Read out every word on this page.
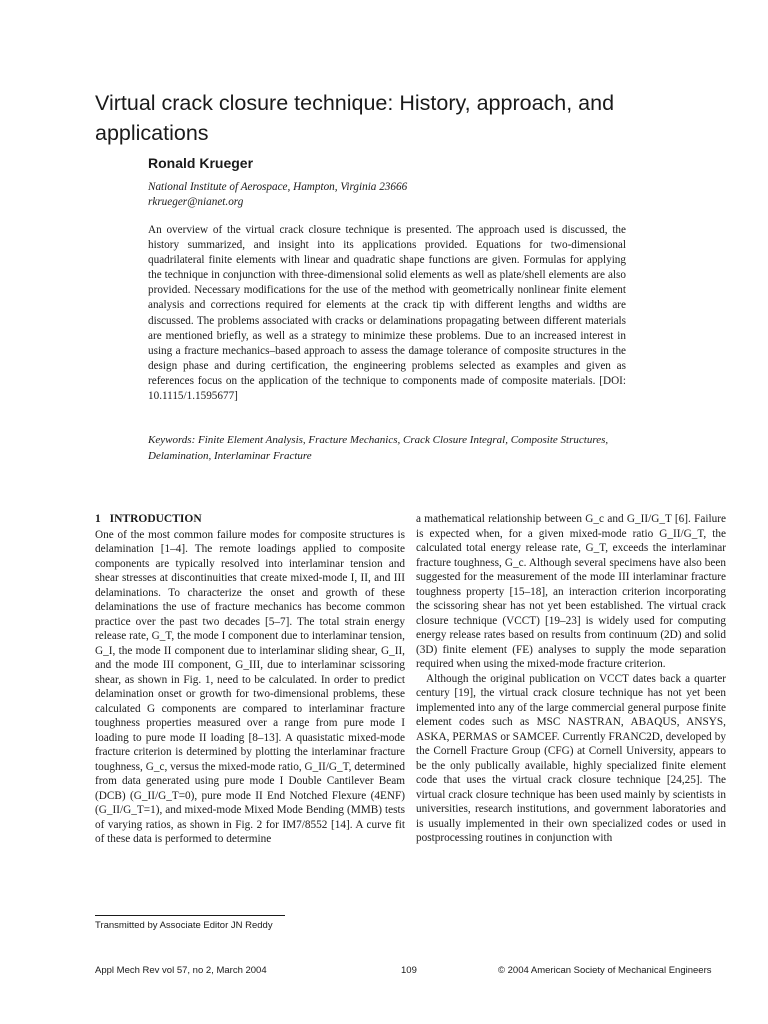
Virtual crack closure technique: History, approach, and applications
Ronald Krueger
National Institute of Aerospace, Hampton, Virginia 23666
rkrueger@nianet.org

An overview of the virtual crack closure technique is presented. The approach used is discussed, the history summarized, and insight into its applications provided. Equations for two-dimensional quadrilateral finite elements with linear and quadratic shape functions are given. Formulas for applying the technique in conjunction with three-dimensional solid elements as well as plate/shell elements are also provided. Necessary modifications for the use of the method with geometrically nonlinear finite element analysis and corrections required for elements at the crack tip with different lengths and widths are discussed. The problems associated with cracks or delaminations propagating between different materials are mentioned briefly, as well as a strategy to minimize these problems. Due to an increased interest in using a fracture mechanics–based approach to assess the damage tolerance of composite structures in the design phase and during certification, the engineering problems selected as examples and given as references focus on the application of the technique to components made of composite materials. [DOI: 10.1115/1.1595677]

Keywords: Finite Element Analysis, Fracture Mechanics, Crack Closure Integral, Composite Structures, Delamination, Interlaminar Fracture
1 INTRODUCTION

One of the most common failure modes for composite structures is delamination [1–4]. The remote loadings applied to composite components are typically resolved into interlaminar tension and shear stresses at discontinuities that create mixed-mode I, II, and III delaminations. To characterize the onset and growth of these delaminations the use of fracture mechanics has become common practice over the past two decades [5–7]. The total strain energy release rate, G_T, the mode I component due to interlaminar tension, G_I, the mode II component due to interlaminar sliding shear, G_II, and the mode III component, G_III, due to interlaminar scissoring shear, as shown in Fig. 1, need to be calculated. In order to predict delamination onset or growth for two-dimensional problems, these calculated G components are compared to interlaminar fracture toughness properties measured over a range from pure mode I loading to pure mode II loading [8–13]. A quasistatic mixed-mode fracture criterion is determined by plotting the interlaminar fracture toughness, G_c, versus the mixed-mode ratio, G_II/G_T, determined from data generated using pure mode I Double Cantilever Beam (DCB) (G_II/G_T=0), pure mode II End Notched Flexure (4ENF) (G_II/G_T=1), and mixed-mode Mixed Mode Bending (MMB) tests of varying ratios, as shown in Fig. 2 for IM7/8552 [14]. A curve fit of these data is performed to determine

a mathematical relationship between G_c and G_II/G_T [6]. Failure is expected when, for a given mixed-mode ratio G_II/G_T, the calculated total energy release rate, G_T, exceeds the interlaminar fracture toughness, G_c. Although several specimens have also been suggested for the measurement of the mode III interlaminar fracture toughness property [15–18], an interaction criterion incorporating the scissoring shear has not yet been established. The virtual crack closure technique (VCCT) [19–23] is widely used for computing energy release rates based on results from continuum (2D) and solid (3D) finite element (FE) analyses to supply the mode separation required when using the mixed-mode fracture criterion.

Although the original publication on VCCT dates back a quarter century [19], the virtual crack closure technique has not yet been implemented into any of the large commercial general purpose finite element codes such as MSC NASTRAN, ABAQUS, ANSYS, ASKA, PERMAS or SAMCEF. Currently FRANC2D, developed by the Cornell Fracture Group (CFG) at Cornell University, appears to be the only publically available, highly specialized finite element code that uses the virtual crack closure technique [24,25]. The virtual crack closure technique has been used mainly by scientists in universities, research institutions, and government laboratories and is usually implemented in their own specialized codes or used in postprocessing routines in conjunction with

Transmitted by Associate Editor JN Reddy
Appl Mech Rev vol 57, no 2, March 2004	109	© 2004 American Society of Mechanical Engineers
